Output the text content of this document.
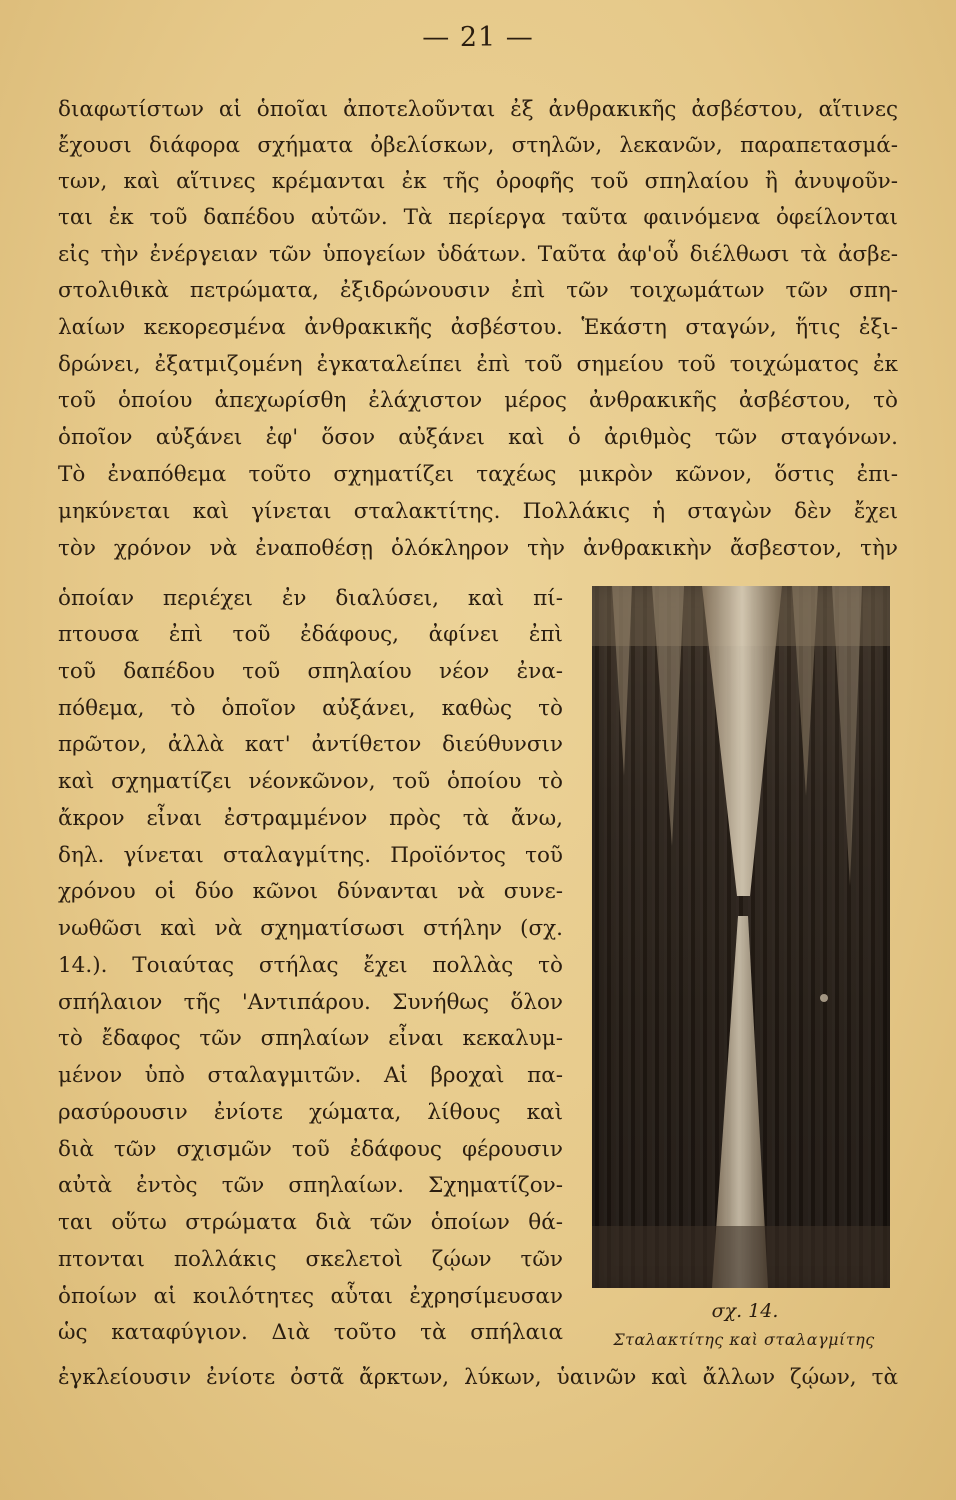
— 21 —
διαφωτίστων αἱ ὁποῖαι ἀποτελοῦνται ἐξ ἀνθρακικῆς ἀσβέστου, αἵτινες
ἔχουσι διάφορα σχήματα ὀβελίσκων, στηλῶν, λεκανῶν, παραπετασμά-
των, καὶ αἵτινες κρέμανται ἐκ τῆς ὀροφῆς τοῦ σπηλαίου ἢ ἀνυψοῦν-
ται ἐκ τοῦ δαπέδου αὐτῶν. Τὰ περίεργα ταῦτα φαινόμενα ὀφείλονται
εἰς τὴν ἐνέργειαν τῶν ὑπογείων ὑδάτων. Ταῦτα ἀφ'οὗ διέλθωσι τὰ ἀσβε-
στολιθικὰ πετρώματα, ἐξιδρώνουσιν ἐπὶ τῶν τοιχωμάτων τῶν σπη-
λαίων κεκορεσμένα ἀνθρακικῆς ἀσβέστου. Ἑκάστη σταγών, ἥτις ἐξι-
δρώνει, ἐξατμιζομένη ἐγκαταλείπει ἐπὶ τοῦ σημείου τοῦ τοιχώματος ἐκ
τοῦ ὁποίου ἀπεχωρίσθη ἐλάχιστον μέρος ἀνθρακικῆς ἀσβέστου, τὸ
ὁποῖον αὐξάνει ἐφ' ὅσον αὐξάνει καὶ ὁ ἀριθμὸς τῶν σταγόνων.
Τὸ ἐναπόθεμα τοῦτο σχηματίζει ταχέως μικρὸν κῶνον, ὅστις ἐπι-
μηκύνεται καὶ γίνεται σταλακτίτης. Πολλάκις ἡ σταγὼν δὲν ἔχει
τὸν χρόνον νὰ ἐναποθέσῃ ὁλόκληρον τὴν ἀνθρακικὴν ἄσβεστον, τὴν
ὁποίαν περιέχει ἐν διαλύσει, καὶ πί-
πτουσα ἐπὶ τοῦ ἐδάφους, ἀφίνει ἐπὶ
τοῦ δαπέδου τοῦ σπηλαίου νέον ἐνα-
πόθεμα, τὸ ὁποῖον αὐξάνει, καθὼς τὸ
πρῶτον, ἀλλὰ κατ' ἀντίθετον διεύθυνσιν
καὶ σχηματίζει νέονκῶνον, τοῦ ὁποίου τὸ
ἄκρον εἶναι ἐστραμμένον πρὸς τὰ ἄνω,
δηλ. γίνεται σταλαγμίτης. Προϊόντος τοῦ
χρόνου οἱ δύο κῶνοι δύνανται νὰ συνε-
νωθῶσι καὶ νὰ σχηματίσωσι στήλην (σχ.
14.). Τοιαύτας στήλας ἔχει πολλὰς τὸ
σπήλαιον τῆς 'Αντιπάρου. Συνήθως ὅλον
τὸ ἔδαφος τῶν σπηλαίων εἶναι κεκαλυμ-
μένον ὑπὸ σταλαγμιτῶν. Αἱ βροχαὶ πα-
ρασύρουσιν ἐνίοτε χώματα, λίθους καὶ
διὰ τῶν σχισμῶν τοῦ ἐδάφους φέρουσιν
αὐτὰ ἐντὸς τῶν σπηλαίων. Σχηματίζον-
ται οὕτω στρώματα διὰ τῶν ὁποίων θά-
πτονται πολλάκις σκελετοὶ ζῴων τῶν
ὁποίων αἱ κοιλότητες αὗται ἐχρησίμευσαν
ὡς καταφύγιον. Διὰ τοῦτο τὰ σπήλαια
ἐγκλείουσιν ἐνίοτε ὀστᾶ ἄρκτων, λύκων, ὑαινῶν καὶ ἄλλων ζῴων, τὰ
σχ. 14.
Σταλακτίτης καὶ σταλαγμίτης
